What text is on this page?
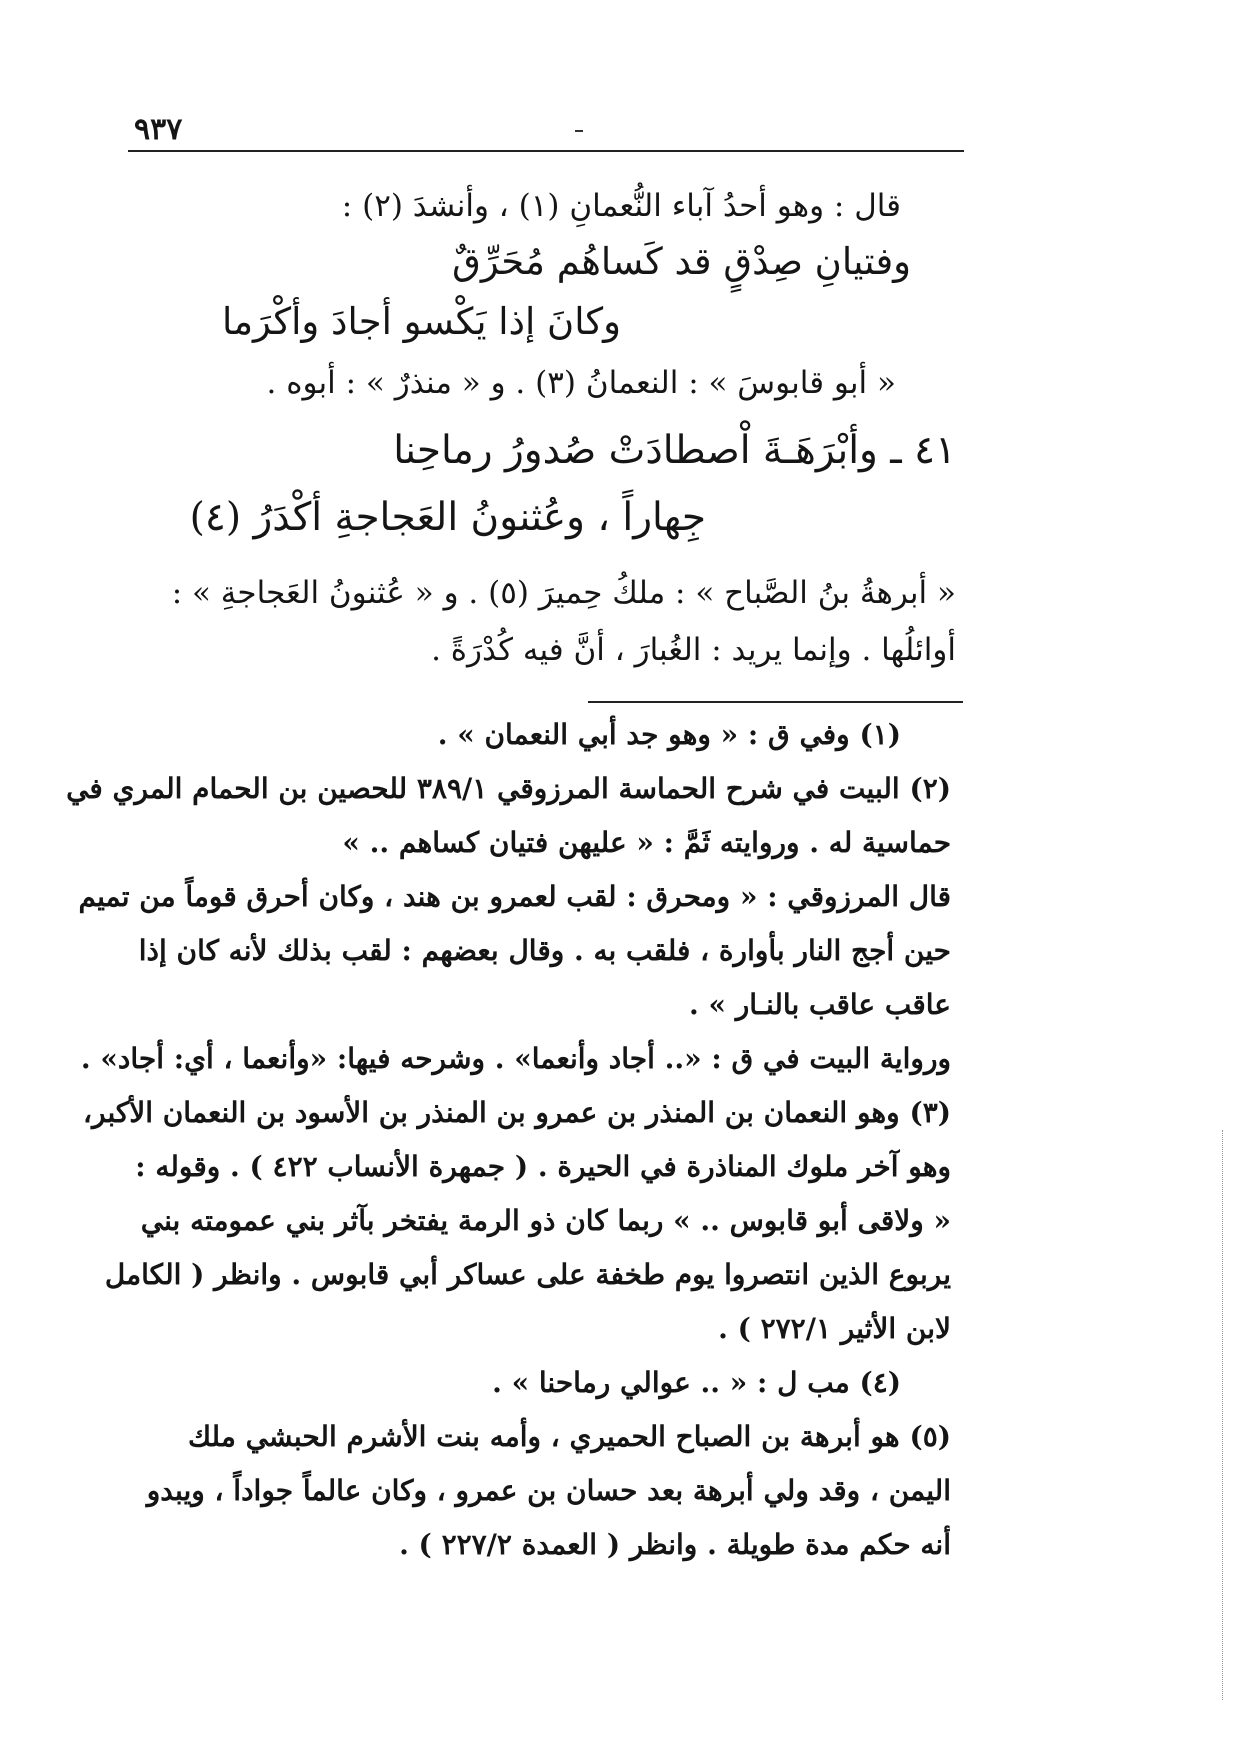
٩٣٧
قال : وهو أحدُ آباء النُّعمانِ (١) ، وأنشدَ (٢) :
وفتيانِ صِدْقٍ قد كَساهُم مُحَرِّقٌ
وكانَ إذا يَكْسو أجادَ وأكْرَما
« أبو قابوسَ » : النعمانُ (٣) . و « منذرٌ » : أبوه .
٤١ ـ وأبْرَهَـةَ اْصطادَتْ صُدورُ رماحِنا
جِهاراً ، وعُثنونُ العَجاجةِ أكْدَرُ (٤)
« أبرهةُ بنُ الصَّباح » : ملكُ حِميرَ (٥) . و « عُثنونُ العَجاجةِ » :
أوائلُها . وإنما يريد : الغُبارَ ، أنَّ فيه كُدْرَةً .
(١) وفي ق : « وهو جد أبي النعمان » .
(٢) البيت في شرح الحماسة المرزوقي ٣٨٩/١ للحصين بن الحمام المري في
حماسية له . وروايته ثَمَّ : « عليهن فتيان كساهم .. »
قال المرزوقي : « ومحرق : لقب لعمرو بن هند ، وكان أحرق قوماً من تميم
حين أجج النار بأوارة ، فلقب به . وقال بعضهم : لقب بذلك لأنه كان إذا
عاقب عاقب بالنـار » .
ورواية البيت في ق : «.. أجاد وأنعما» . وشرحه فيها: «وأنعما ، أي: أجاد» .
(٣) وهو النعمان بن المنذر بن عمرو بن المنذر بن الأسود بن النعمان الأكبر،
وهو آخر ملوك المناذرة في الحيرة . ( جمهرة الأنساب ٤٢٢ ) . وقوله :
« ولاقى أبو قابوس .. » ربما كان ذو الرمة يفتخر بآثر بني عمومته بني
يربوع الذين انتصروا يوم طخفة على عساكر أبي قابوس . وانظر ( الكامل
لابن الأثير ٢٧٢/١ ) .
(٤) مب ل : « .. عوالي رماحنا » .
(٥) هو أبرهة بن الصباح الحميري ، وأمه بنت الأشرم الحبشي ملك
اليمن ، وقد ولي أبرهة بعد حسان بن عمرو ، وكان عالماً جواداً ، ويبدو
أنه حكم مدة طويلة . وانظر ( العمدة ٢٢٧/٢ ) .
